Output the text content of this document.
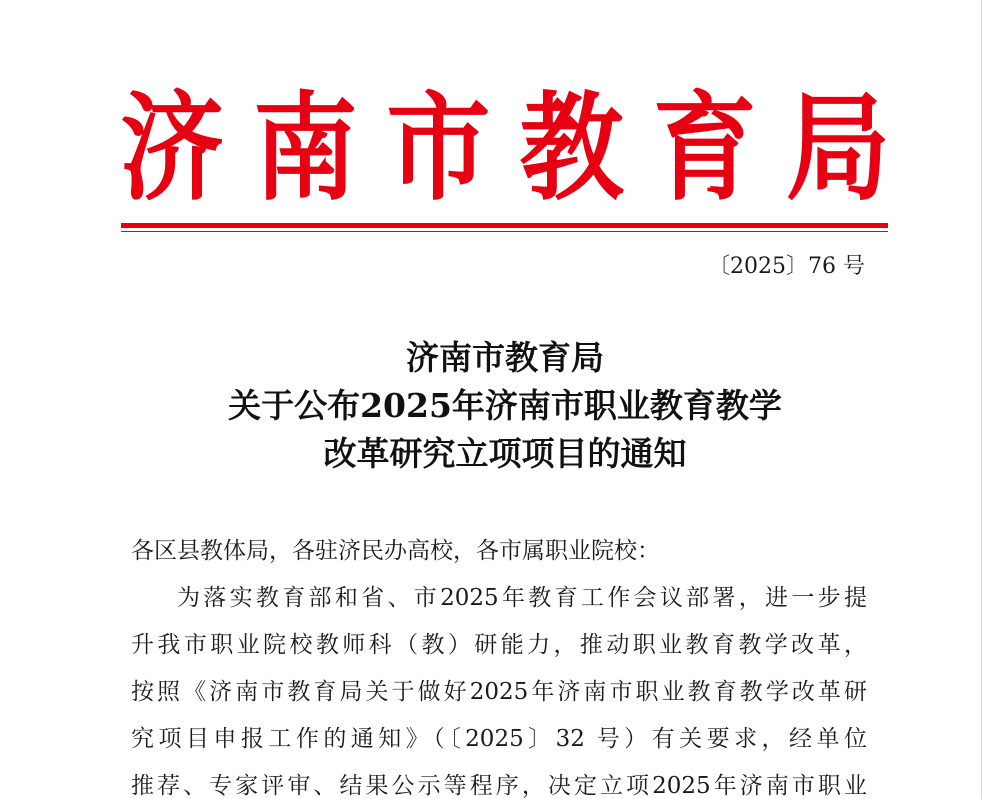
济 南 市 教 育 局
〔2025〕76 号
济南市教育局
关于公布2025年济南市职业教育教学
改革研究立项项目的通知
各区县教体局，各驻济民办高校，各市属职业院校：
为落实教育部和省、市2025年教育工作会议部署，进一步提
升我市职业院校教师科（教）研能力，推动职业教育教学改革，
按照《济南市教育局关于做好2025年济南市职业教育教学改革研
究项目申报工作的通知》（〔2025〕32 号）有关要求，经单位
推荐、专家评审、结果公示等程序，决定立项2025年济南市职业
